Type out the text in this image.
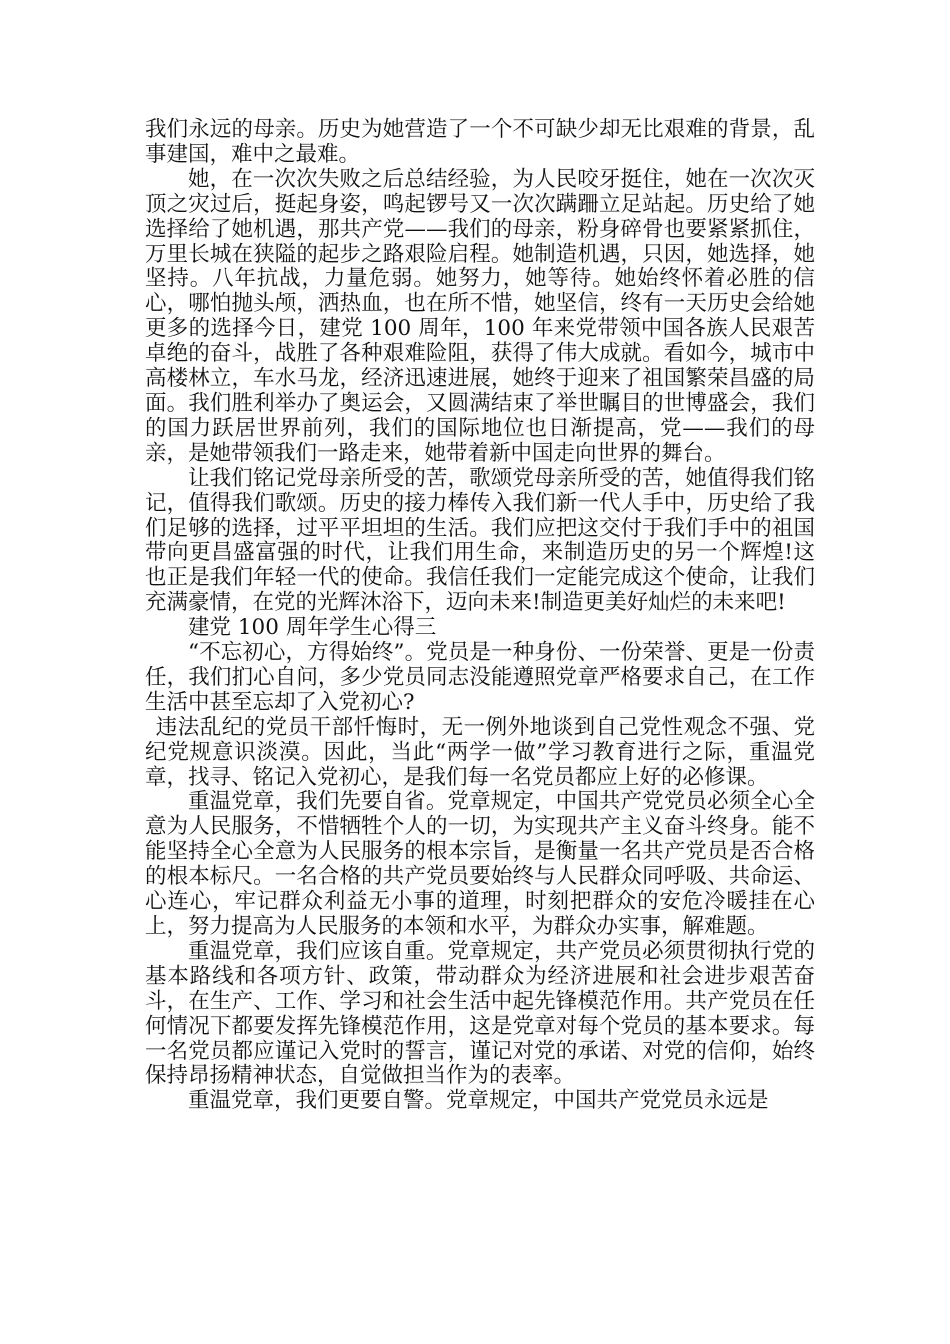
我们永远的母亲。历史为她营造了一个不可缺少却无比艰难的背景，乱事建国，难中之最难。

她，在一次次失败之后总结经验，为人民咬牙挺住，她在一次次灭顶之灾过后，挺起身姿，鸣起锣号又一次次蹒跚立足站起。历史给了她选择给了她机遇，那共产党——我们的母亲，粉身碎骨也要紧紧抓住，万里长城在狭隘的起步之路艰险启程。她制造机遇，只因，她选择，她坚持。八年抗战，力量危弱。她努力，她等待。她始终怀着必胜的信心，哪怕抛头颅，洒热血，也在所不惜，她坚信，终有一天历史会给她更多的选择今日，建党 100 周年，100 年来党带领中国各族人民艰苦卓绝的奋斗，战胜了各种艰难险阻，获得了伟大成就。看如今，城市中高楼林立，车水马龙，经济迅速进展，她终于迎来了祖国繁荣昌盛的局面。我们胜利举办了奥运会，又圆满结束了举世瞩目的世博盛会，我们的国力跃居世界前列，我们的国际地位也日渐提高，党——我们的母亲，是她带领我们一路走来，她带着新中国走向世界的舞台。

让我们铭记党母亲所受的苦，歌颂党母亲所受的苦，她值得我们铭记，值得我们歌颂。历史的接力棒传入我们新一代人手中，历史给了我们足够的选择，过平平坦坦的生活。我们应把这交付于我们手中的祖国带向更昌盛富强的时代，让我们用生命，来制造历史的另一个辉煌!这也正是我们年轻一代的使命。我信任我们一定能完成这个使命，让我们充满豪情，在党的光辉沐浴下，迈向未来!制造更美好灿烂的未来吧!

建党 100 周年学生心得三

“不忘初心，方得始终”。党员是一种身份、一份荣誉、更是一份责任，我们扪心自问，多少党员同志没能遵照党章严格要求自己，在工作生活中甚至忘却了入党初心?

违法乱纪的党员干部忏悔时，无一例外地谈到自己党性观念不强、党纪党规意识淡漠。因此，当此“两学一做”学习教育进行之际，重温党章，找寻、铭记入党初心，是我们每一名党员都应上好的必修课。

重温党章，我们先要自省。党章规定，中国共产党党员必须全心全意为人民服务，不惜牺牲个人的一切，为实现共产主义奋斗终身。能不能坚持全心全意为人民服务的根本宗旨，是衡量一名共产党员是否合格的根本标尺。一名合格的共产党员要始终与人民群众同呼吸、共命运、心连心，牢记群众利益无小事的道理，时刻把群众的安危冷暖挂在心上，努力提高为人民服务的本领和水平，为群众办实事，解难题。

重温党章，我们应该自重。党章规定，共产党员必须贯彻执行党的基本路线和各项方针、政策，带动群众为经济进展和社会进步艰苦奋斗，在生产、工作、学习和社会生活中起先锋模范作用。共产党员在任何情况下都要发挥先锋模范作用，这是党章对每个党员的基本要求。每一名党员都应谨记入党时的誓言，谨记对党的承诺、对党的信仰，始终保持昂扬精神状态，自觉做担当作为的表率。

重温党章，我们更要自警。党章规定，中国共产党党员永远是
